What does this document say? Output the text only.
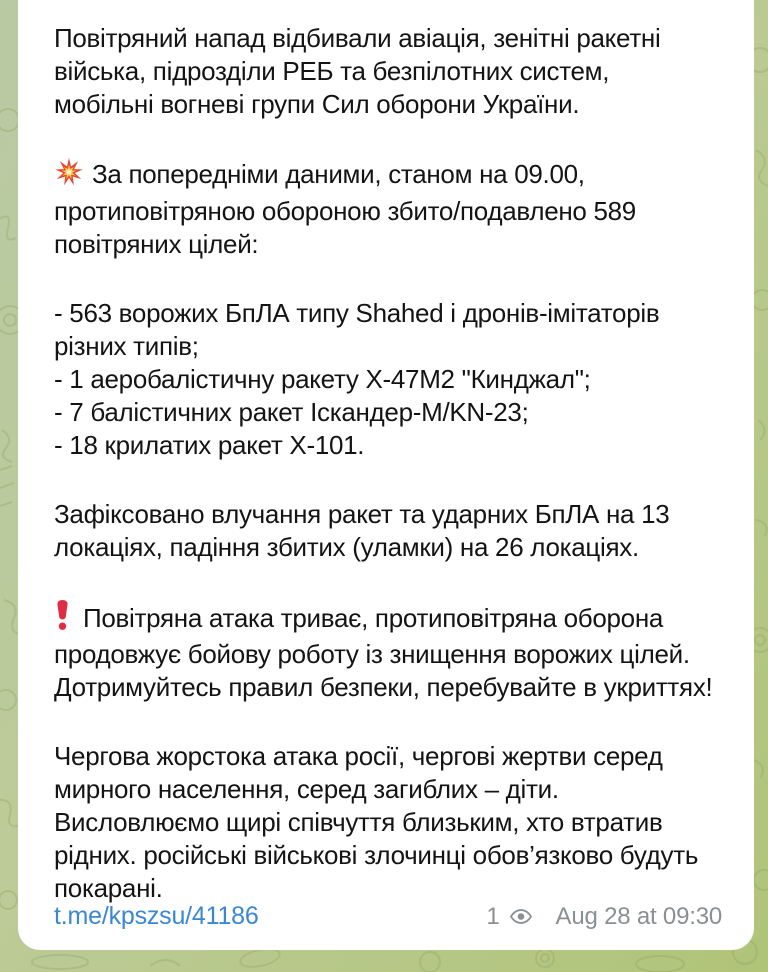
Повітряний напад відбивали авіація, зенітні ракетні
війська, підрозділи РЕБ та безпілотних систем,
мобільні вогневі групи Сил оборони України.
За попередніми даними, станом на 09.00,
протиповітряною обороною збито/подавлено 589
повітряних цілей:
- 563 ворожих БпЛА типу Shahed і дронів-імітаторів
різних типів;
- 1 аеробалістичну ракету Х-47М2 "Кинджал";
- 7 балістичних ракет Іскандер-М/KN-23;
- 18 крилатих ракет Х-101.
Зафіксовано влучання ракет та ударних БпЛА на 13
локаціях, падіння збитих (уламки) на 26 локаціях.
Повітряна атака триває, протиповітряна оборона
продовжує бойову роботу із знищення ворожих цілей.
Дотримуйтесь правил безпеки, перебувайте в укриттях!
Чергова жорстока атака росії, чергові жертви серед
мирного населення, серед загиблих – діти.
Висловлюємо щирі співчуття близьким, хто втратив
рідних. російські військові злочинці обов’язково будуть
покарані.
t.me/kpszsu/41186	1 Aug 28 at 09:30
